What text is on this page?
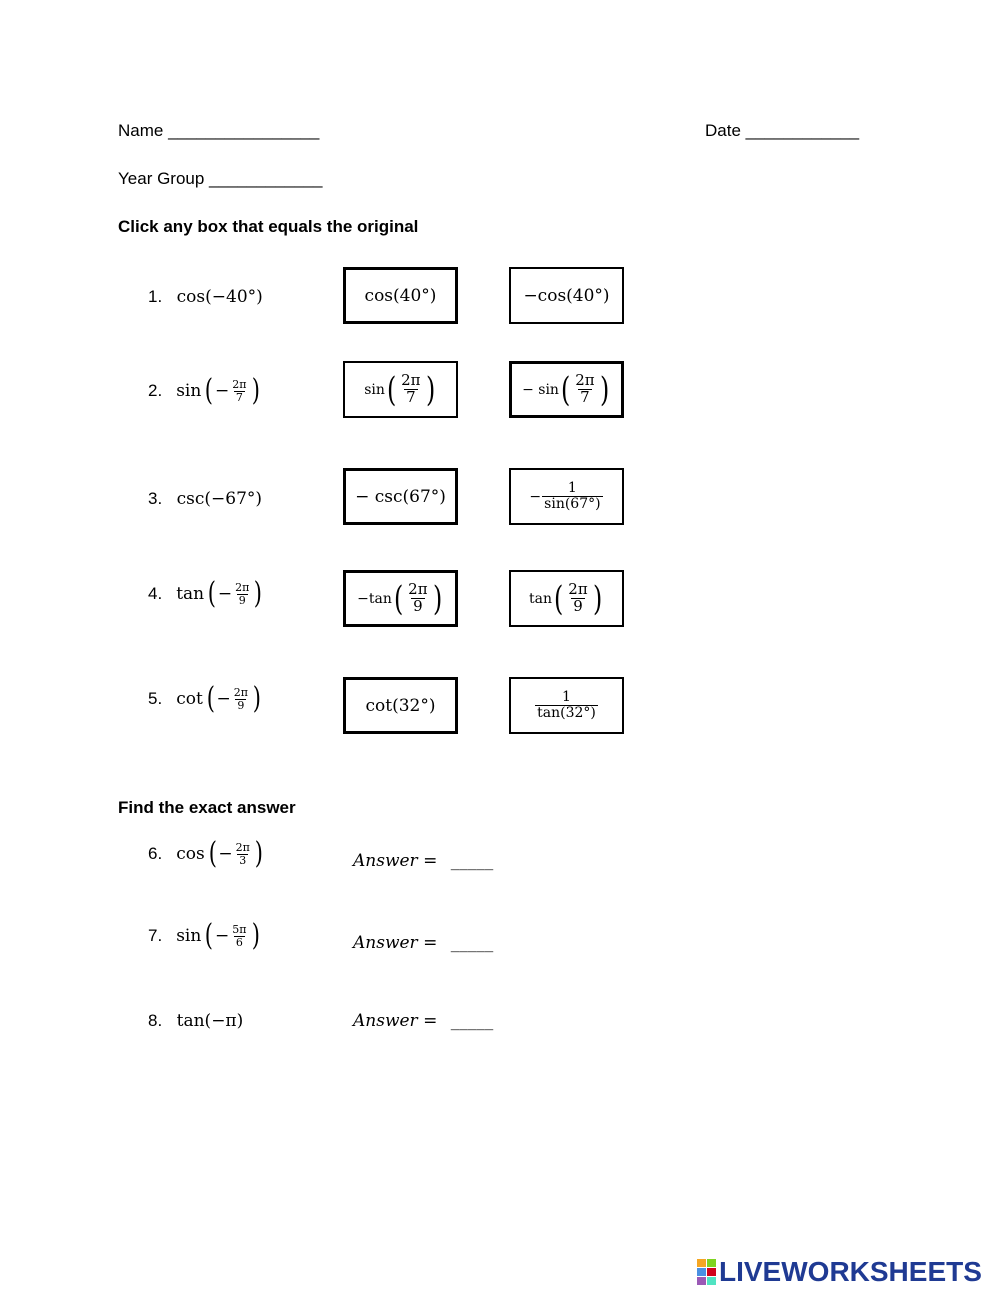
Name ________________	Date ____________
Year Group ____________
Click any box that equals the original
1. cos(−40°)	cos(40°)	−cos(40°)
2. sin ( − $\frac{2\pi}{7}$ )	sin ( $\frac{2\pi}{7}$ )	− sin ( $\frac{2\pi}{7}$ )
3. csc(−67°)	− csc(67°)	− $\frac{1}{\sin(67^\circ)}$
4. tan ( − $\frac{2\pi}{9}$ )	−tan ( $\frac{2\pi}{9}$ )	tan ( $\frac{2\pi}{9}$ )
5. cot ( − $\frac{2\pi}{9}$ )	cot(32°)	$\frac{1}{\tan(32^\circ)}$
Find the exact answer
6. cos ( − $\frac{2\pi}{3}$ )	Answer = _____
7. sin ( − $\frac{5\pi}{6}$ )	Answer = _____
8. tan(−π)	Answer = _____
LIVEWORKSHEETS
